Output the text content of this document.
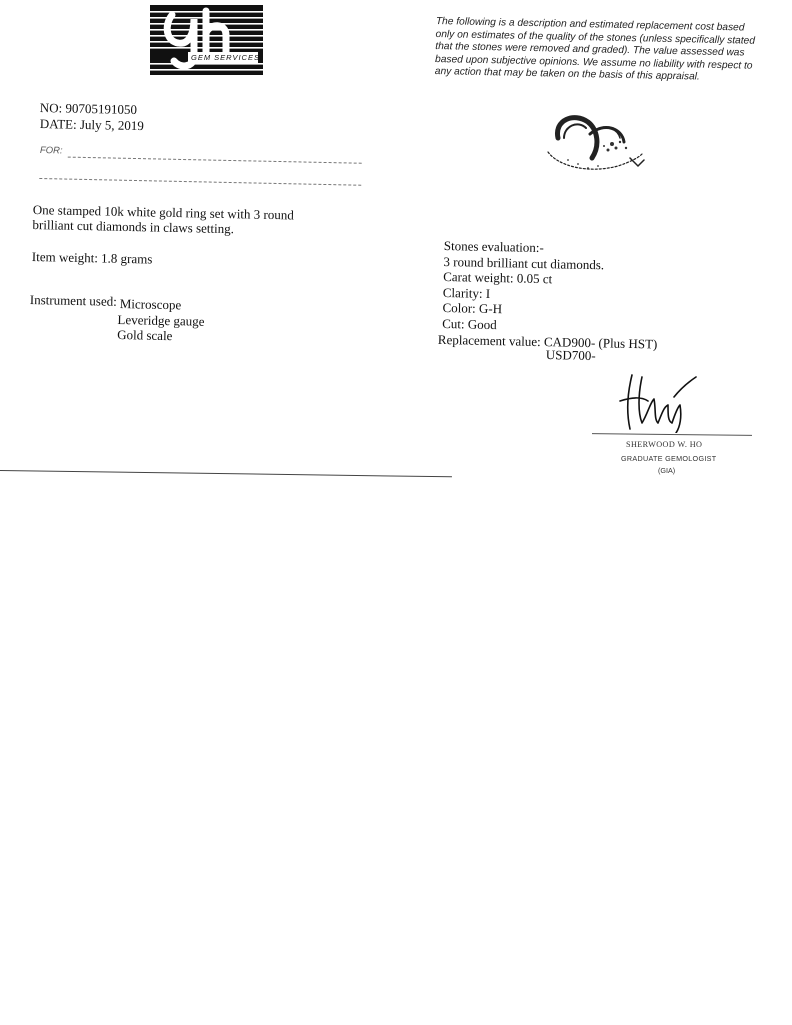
GEM SERVICES
The following is a description and estimated replacement cost based only on estimates of the quality of the stones (unless specifically stated that the stones were removed and graded). The value assessed was based upon subjective opinions. We assume no liability with respect to any action that may be taken on the basis of this appraisal.
NO: 90705191050
DATE: July 5, 2019
FOR:
One stamped 10k white gold ring set with 3 round brilliant cut diamonds in claws setting.
Item weight: 1.8 grams
Instrument used: Microscope
Leveridge gauge
Gold scale
Stones evaluation:-
3 round brilliant cut diamonds.
Carat weight: 0.05 ct
Clarity: I
Color: G-H
Cut: Good
Replacement value: CAD900- (Plus HST)
USD700-
SHERWOOD W. HO
GRADUATE GEMOLOGIST
(GIA)
